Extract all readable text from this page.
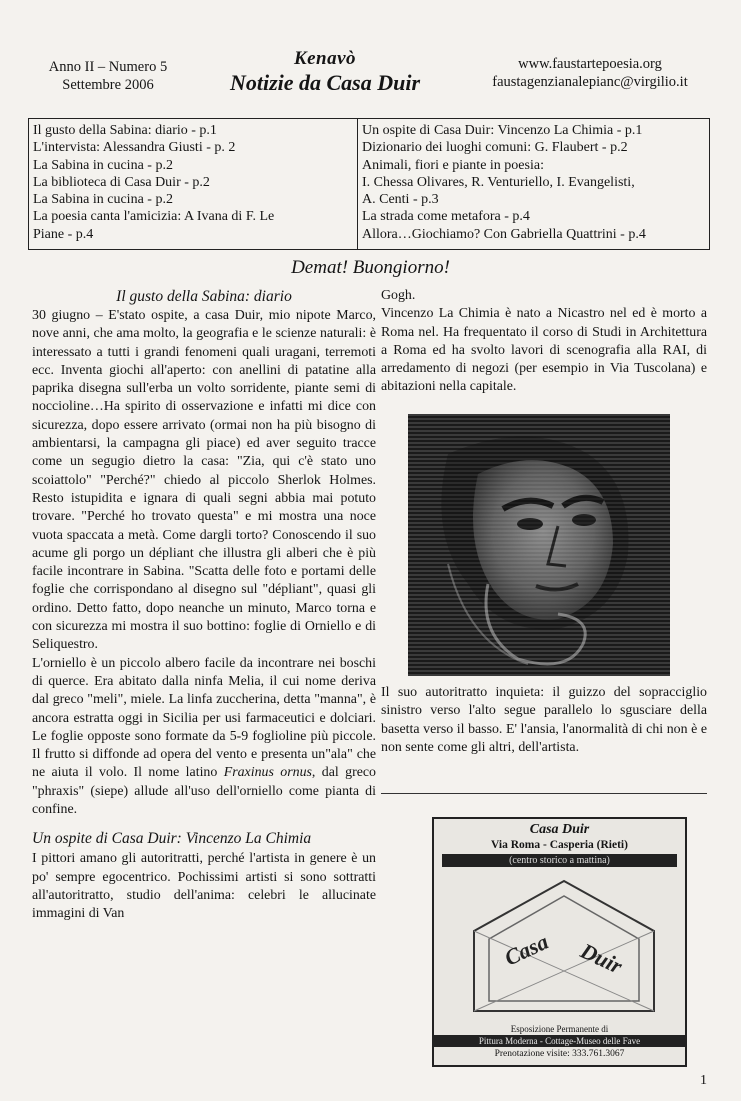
Anno II – Numero 5
Settembre 2006
Kenavò
Notizie da Casa Duir
www.faustartepoesia.org
faustagenzianalepianc@virgilio.it
Il gusto della Sabina: diario - p.1
L'intervista: Alessandra Giusti - p. 2
La Sabina in cucina - p.2
La biblioteca di Casa Duir - p.2
La Sabina in cucina - p.2
La poesia canta l'amicizia: A Ivana di F. Le
Piane - p.4
Un ospite di Casa Duir: Vincenzo La Chimia - p.1
Dizionario dei luoghi comuni: G. Flaubert - p.2
Animali, fiori e piante in poesia:
I. Chessa Olivares, R. Venturiello, I. Evangelisti,
A. Centi - p.3
La strada come metafora - p.4
Allora…Giochiamo? Con Gabriella Quattrini - p.4
Demat! Buongiorno!
Il gusto della Sabina: diario

30 giugno – E'stato ospite, a casa Duir, mio nipote Marco, nove anni, che ama molto, la geografia e le scienze naturali: è interessato a tutti i grandi fenomeni quali uragani, terremoti ecc. Inventa giochi all'aperto: con anellini di patatine alla paprika disegna sull'erba un volto sorridente, piante semi di noccioline…Ha spirito di osservazione e infatti mi dice con sicurezza, dopo essere arrivato (ormai non ha più bisogno di ambientarsi, la campagna gli piace) ed aver seguito tracce come un segugio dietro la casa: "Zia, qui c'è stato uno scoiattolo" "Perché?" chiedo al piccolo Sherlok Holmes. Resto istupidita e ignara di quali segni abbia mai potuto trovare. "Perché ho trovato questa" e mi mostra una noce vuota spaccata a metà. Come dargli torto? Conoscendo il suo acume gli porgo un dépliant che illustra gli alberi che è più facile incontrare in Sabina. "Scatta delle foto e portami delle foglie che corrispondano al disegno sul "dépliant", quasi gli ordino. Detto fatto, dopo neanche un minuto, Marco torna e con sicurezza mi mostra il suo bottino: foglie di Orniello e di Seliquestro.

L'orniello è un piccolo albero facile da incontrare nei boschi di querce. Era abitato dalla ninfa Melia, il cui nome deriva dal greco "meli", miele. La linfa zuccherina, detta "manna", è ancora estratta oggi in Sicilia per usi farmaceutici e dolciari. Le foglie opposte sono formate da 5-9 foglioline più piccole. Il frutto si diffonde ad opera del vento e presenta un"ala" che ne aiuta il volo. Il nome latino Fraxinus ornus, dal greco "phraxis" (siepe) allude all'uso dell'orniello come pianta di confine.

Un ospite di Casa Duir: Vincenzo La Chimia

I pittori amano gli autoritratti, perché l'artista in genere è un po' sempre egocentrico. Pochissimi artisti si sono sottratti all'autoritratto, studio dell'anima: celebri le allucinate immagini di Van

Gogh.

Vincenzo La Chimia è nato a Nicastro nel ed è morto a Roma nel. Ha frequentato il corso di Studi in Architettura a Roma ed ha svolto lavori di scenografia alla RAI, di arredamento di negozi (per esempio in Via Tuscolana) e abitazioni nella capitale.

Il suo autoritratto inquieta: il guizzo del sopracciglio sinistro verso l'alto segue parallelo lo sgusciare della basetta verso il basso. E' l'ansia, l'anormalità di chi non è e non sente come gli altri, dell'artista.
Casa Duir
Via Roma - Casperia (Rieti)
(centro storico a mattina)
Casa Duir
Esposizione Permanente di
Pittura Moderna - Cottage-Museo delle Fave
Prenotazione visite: 333.761.3067
1
